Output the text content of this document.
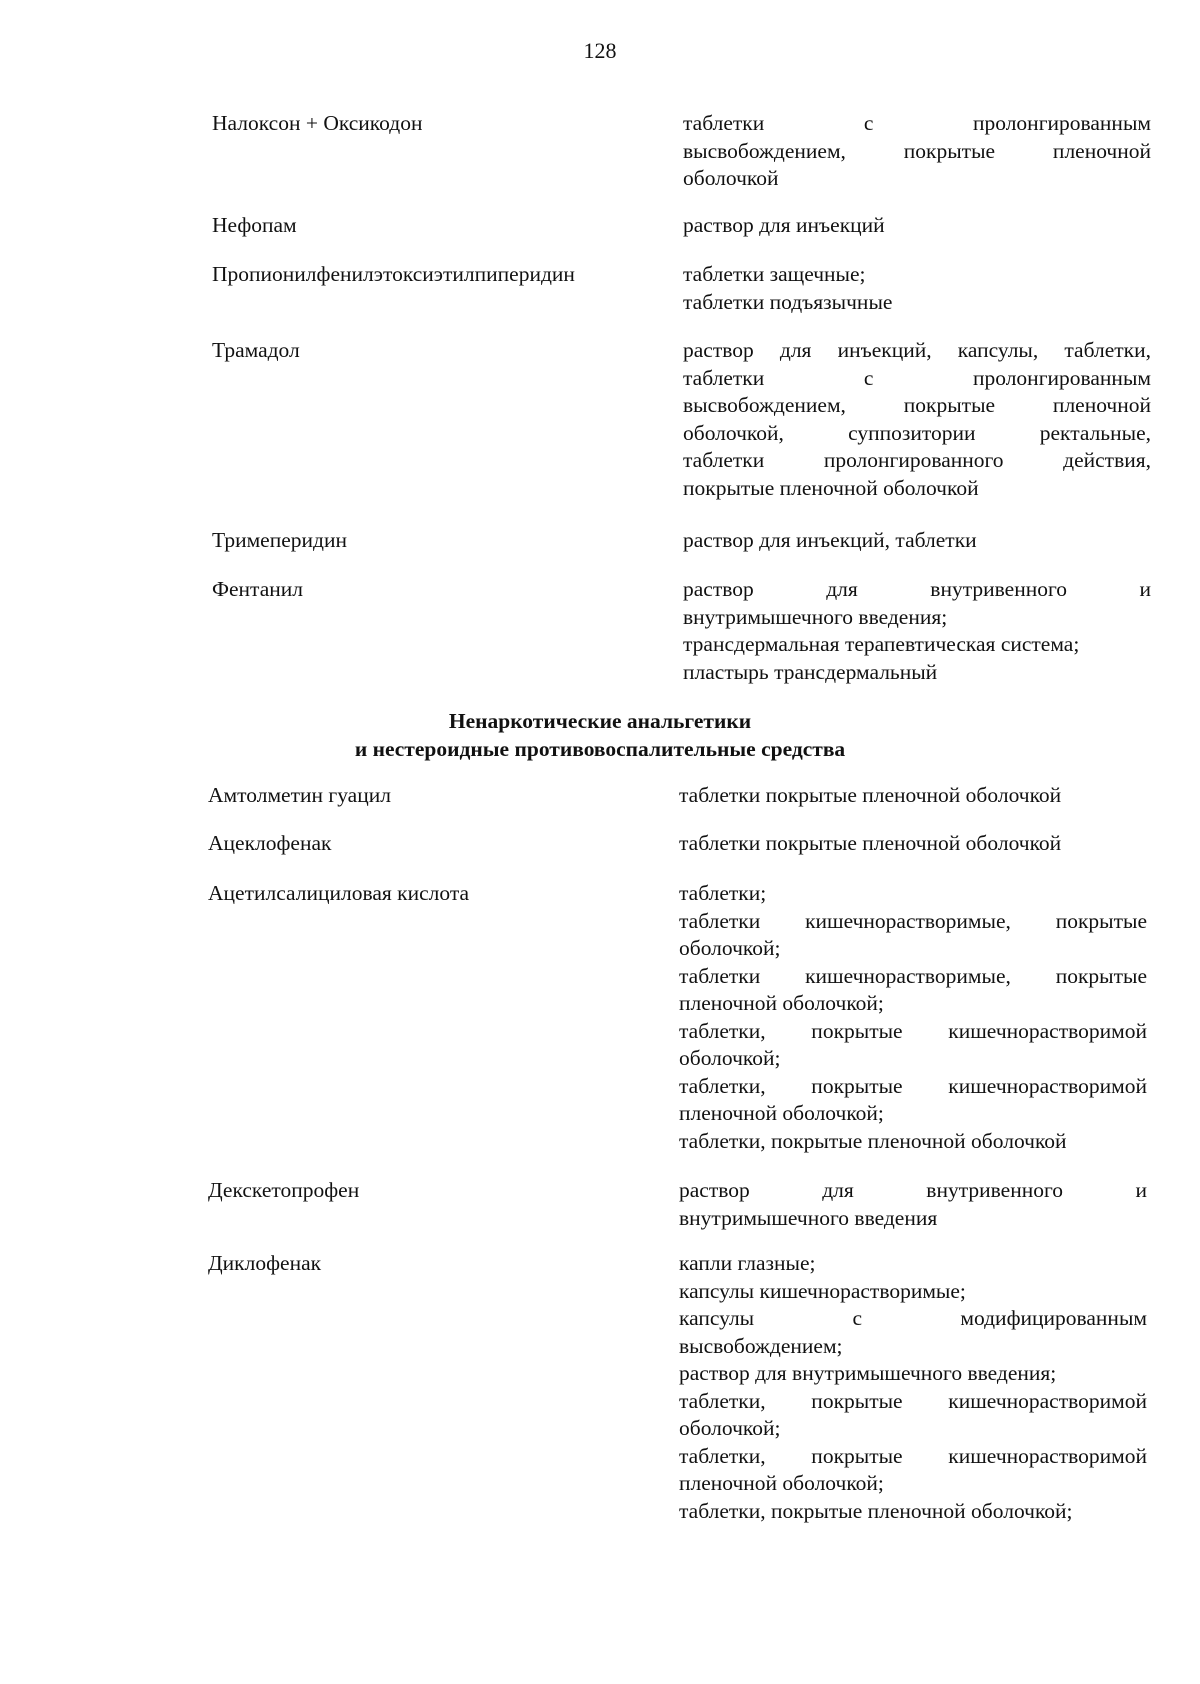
128
Налоксон + Оксикодон	таблетки с пролонгированным
высвобождением, покрытые пленочной
оболочкой
Нефопам	раствор для инъекций
Пропионилфенилэтоксиэтилпиперидин	таблетки защечные;
таблетки подъязычные
Трамадол	раствор для инъекций, капсулы, таблетки,
таблетки с пролонгированным
высвобождением, покрытые пленочной
оболочкой, суппозитории ректальные,
таблетки пролонгированного действия,
покрытые пленочной оболочкой
Тримеперидин	раствор для инъекций, таблетки
Фентанил	раствор для внутривенного и
внутримышечного введения;
трансдермальная терапевтическая система;
пластырь трансдермальный
Ненаркотические анальгетики
и нестероидные противовоспалительные средства
Амтолметин гуацил	таблетки покрытые пленочной оболочкой
Ацеклофенак	таблетки покрытые пленочной оболочкой
Ацетилсалициловая кислота	таблетки;
таблетки кишечнорастворимые, покрытые
оболочкой;
таблетки кишечнорастворимые, покрытые
пленочной оболочкой;
таблетки, покрытые кишечнорастворимой
оболочкой;
таблетки, покрытые кишечнорастворимой
пленочной оболочкой;
таблетки, покрытые пленочной оболочкой
Декскетопрофен	раствор для внутривенного и
внутримышечного введения
Диклофенак	капли глазные;
капсулы кишечнорастворимые;
капсулы с модифицированным
высвобождением;
раствор для внутримышечного введения;
таблетки, покрытые кишечнорастворимой
оболочкой;
таблетки, покрытые кишечнорастворимой
пленочной оболочкой;
таблетки, покрытые пленочной оболочкой;
